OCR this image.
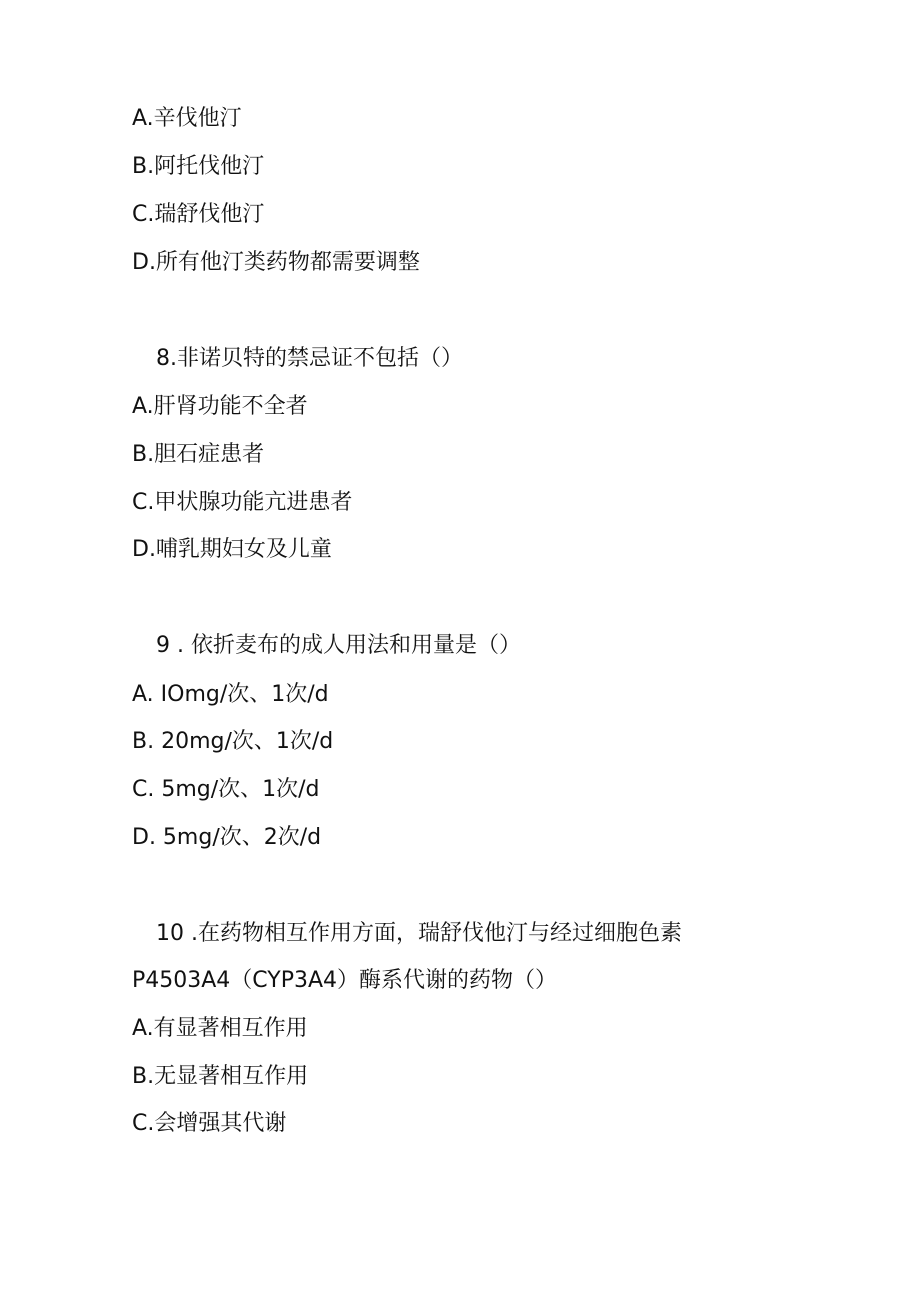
A.辛伐他汀
B.阿托伐他汀
C.瑞舒伐他汀
D.所有他汀类药物都需要调整
8.非诺贝特的禁忌证不包括（）
A.肝肾功能不全者
B.胆石症患者
C.甲状腺功能亢进患者
D.哺乳期妇女及儿童
9 . 依折麦布的成人用法和用量是（）
A. IOmg/次、1次/d
B. 20mg∕次、1次/d
C. 5mg∕次、1次/d
D. 5mg∕次、2次/d
10 .在药物相互作用方面，瑞舒伐他汀与经过细胞色素
P4503A4（CYP3A4）酶系代谢的药物（）
A.有显著相互作用
B.无显著相互作用
C.会增强其代谢
